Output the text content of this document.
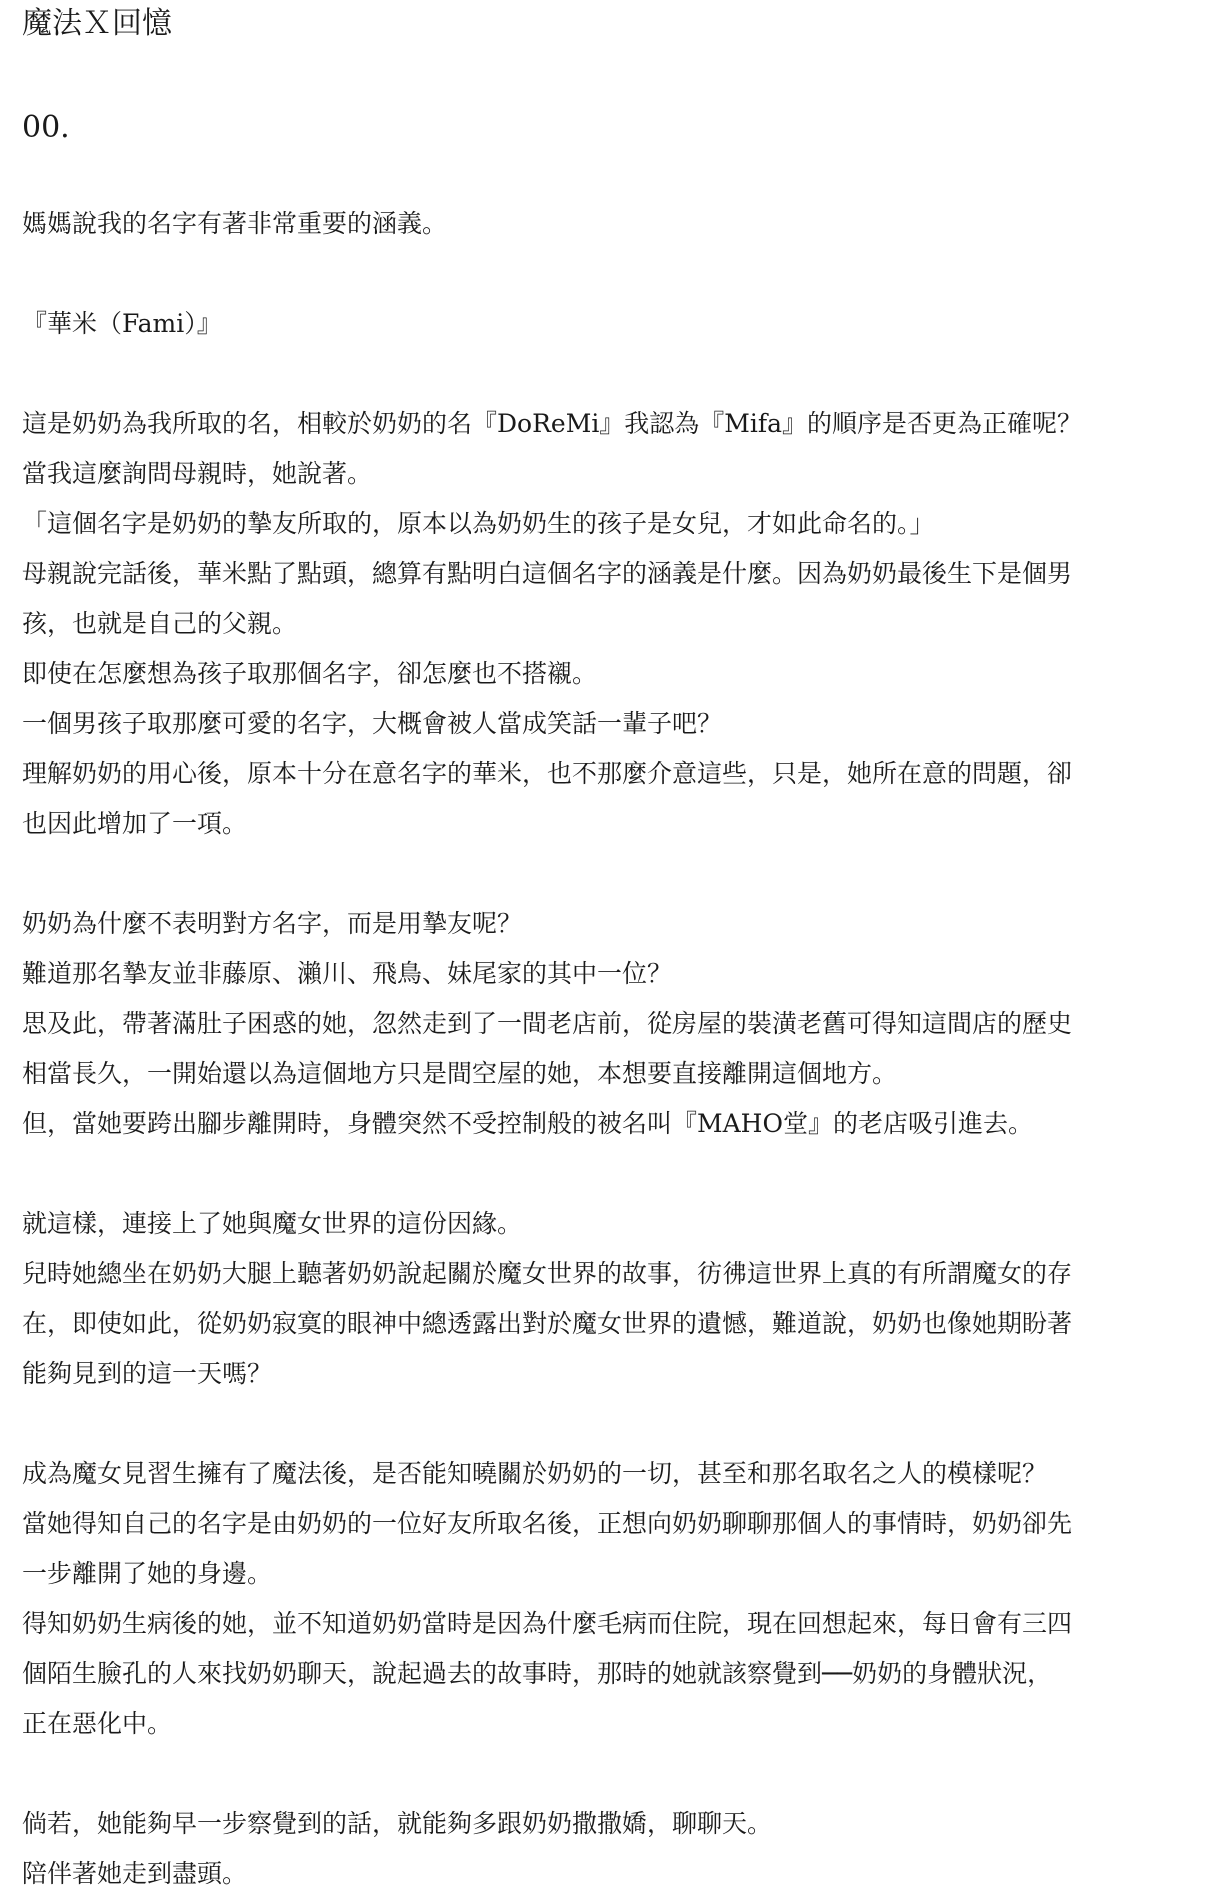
魔法Ｘ回憶
00.
媽媽說我的名字有著非常重要的涵義。
『華米（Fami）』
這是奶奶為我所取的名，相較於奶奶的名『DoReMi』我認為『Mifa』的順序是否更為正確呢？
當我這麼詢問母親時，她說著。
「這個名字是奶奶的摯友所取的，原本以為奶奶生的孩子是女兒，才如此命名的。」
母親說完話後，華米點了點頭，總算有點明白這個名字的涵義是什麼。因為奶奶最後生下是個男
孩，也就是自己的父親。
即使在怎麼想為孩子取那個名字，卻怎麼也不搭襯。
一個男孩子取那麼可愛的名字，大概會被人當成笑話一輩子吧？
理解奶奶的用心後，原本十分在意名字的華米，也不那麼介意這些，只是，她所在意的問題，卻
也因此增加了一項。
奶奶為什麼不表明對方名字，而是用摯友呢？
難道那名摯友並非藤原、瀨川、飛鳥、妹尾家的其中一位？
思及此，帶著滿肚子困惑的她，忽然走到了一間老店前，從房屋的裝潢老舊可得知這間店的歷史
相當長久，一開始還以為這個地方只是間空屋的她，本想要直接離開這個地方。
但，當她要跨出腳步離開時，身體突然不受控制般的被名叫『MAHO堂』的老店吸引進去。
就這樣，連接上了她與魔女世界的這份因緣。
兒時她總坐在奶奶大腿上聽著奶奶說起關於魔女世界的故事，彷彿這世界上真的有所謂魔女的存
在，即使如此，從奶奶寂寞的眼神中總透露出對於魔女世界的遺憾，難道說，奶奶也像她期盼著
能夠見到的這一天嗎？
成為魔女見習生擁有了魔法後，是否能知曉關於奶奶的一切，甚至和那名取名之人的模樣呢？
當她得知自己的名字是由奶奶的一位好友所取名後，正想向奶奶聊聊那個人的事情時，奶奶卻先
一步離開了她的身邊。
得知奶奶生病後的她，並不知道奶奶當時是因為什麼毛病而住院，現在回想起來，每日會有三四
個陌生臉孔的人來找奶奶聊天，說起過去的故事時，那時的她就該察覺到──奶奶的身體狀況，
正在惡化中。
倘若，她能夠早一步察覺到的話，就能夠多跟奶奶撒撒嬌，聊聊天。
陪伴著她走到盡頭。
